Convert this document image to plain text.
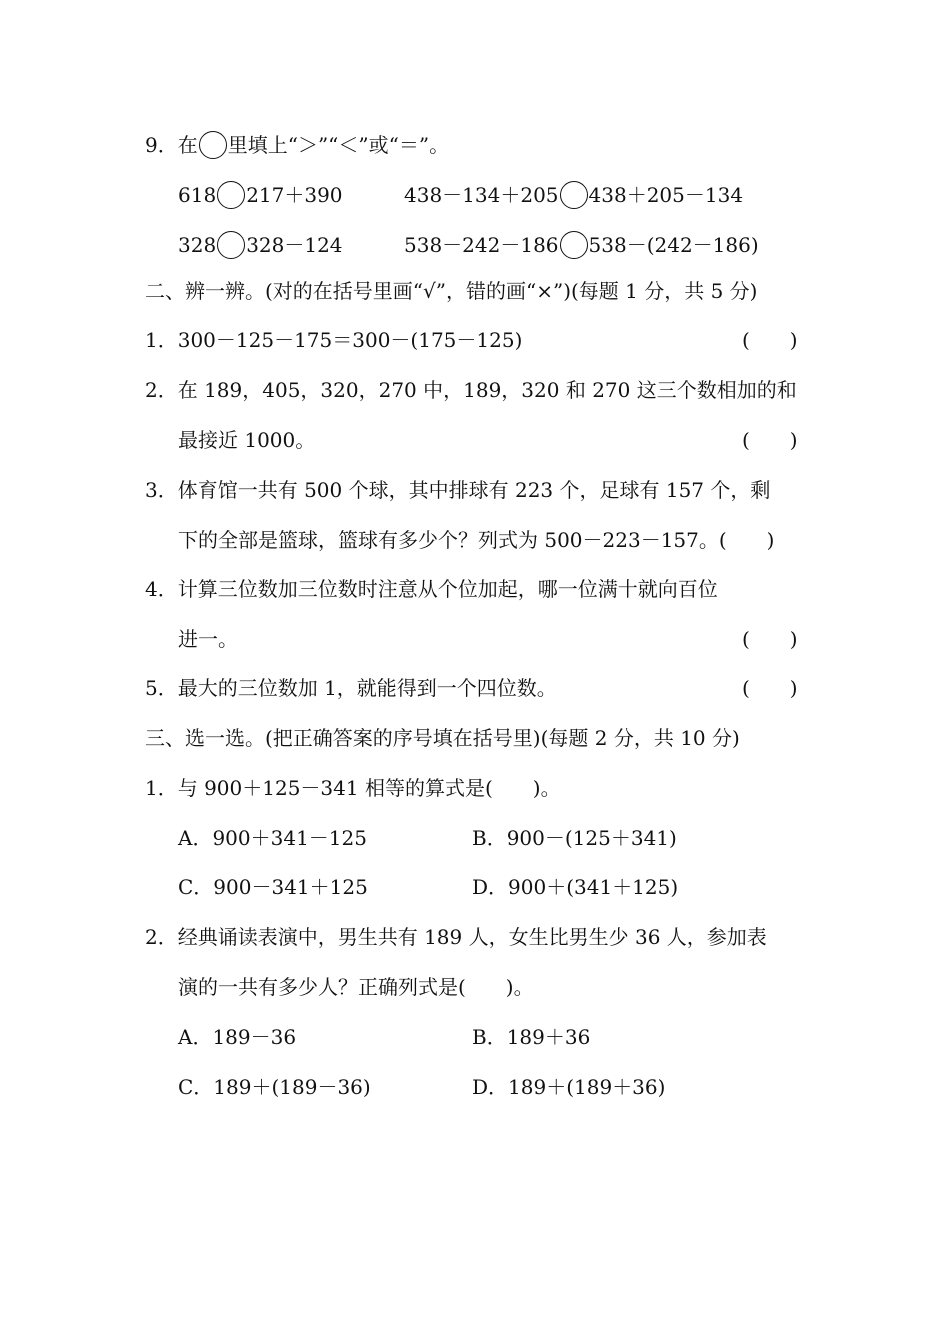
9．在 里填上“＞”“＜”或“＝”。
618 217＋390	438－134＋205 438＋205－134
328 328－124	538－242－186 538－(242－186)
二、辨一辨。(对的在括号里画“√”，错的画“×”)(每题 1 分，共 5 分)
1．300－125－175＝300－(175－125)	(　　)
2．在 189，405，320，270 中，189，320 和 270 这三个数相加的和
最接近 1000。	(　　)
3．体育馆一共有 500 个球，其中排球有 223 个，足球有 157 个，剩
下的全部是篮球，篮球有多少个？列式为 500－223－157。(　　)
4．计算三位数加三位数时注意从个位加起，哪一位满十就向百位
进一。	(　　)
5．最大的三位数加 1，就能得到一个四位数。	(　　)
三、选一选。(把正确答案的序号填在括号里)(每题 2 分，共 10 分)
1．与 900＋125－341 相等的算式是(　　)。
A．900＋341－125	B．900－(125＋341)
C．900－341＋125	D．900＋(341＋125)
2．经典诵读表演中，男生共有 189 人，女生比男生少 36 人，参加表
演的一共有多少人？正确列式是(　　)。
A．189－36	B．189＋36
C．189＋(189－36)	D．189＋(189＋36)
